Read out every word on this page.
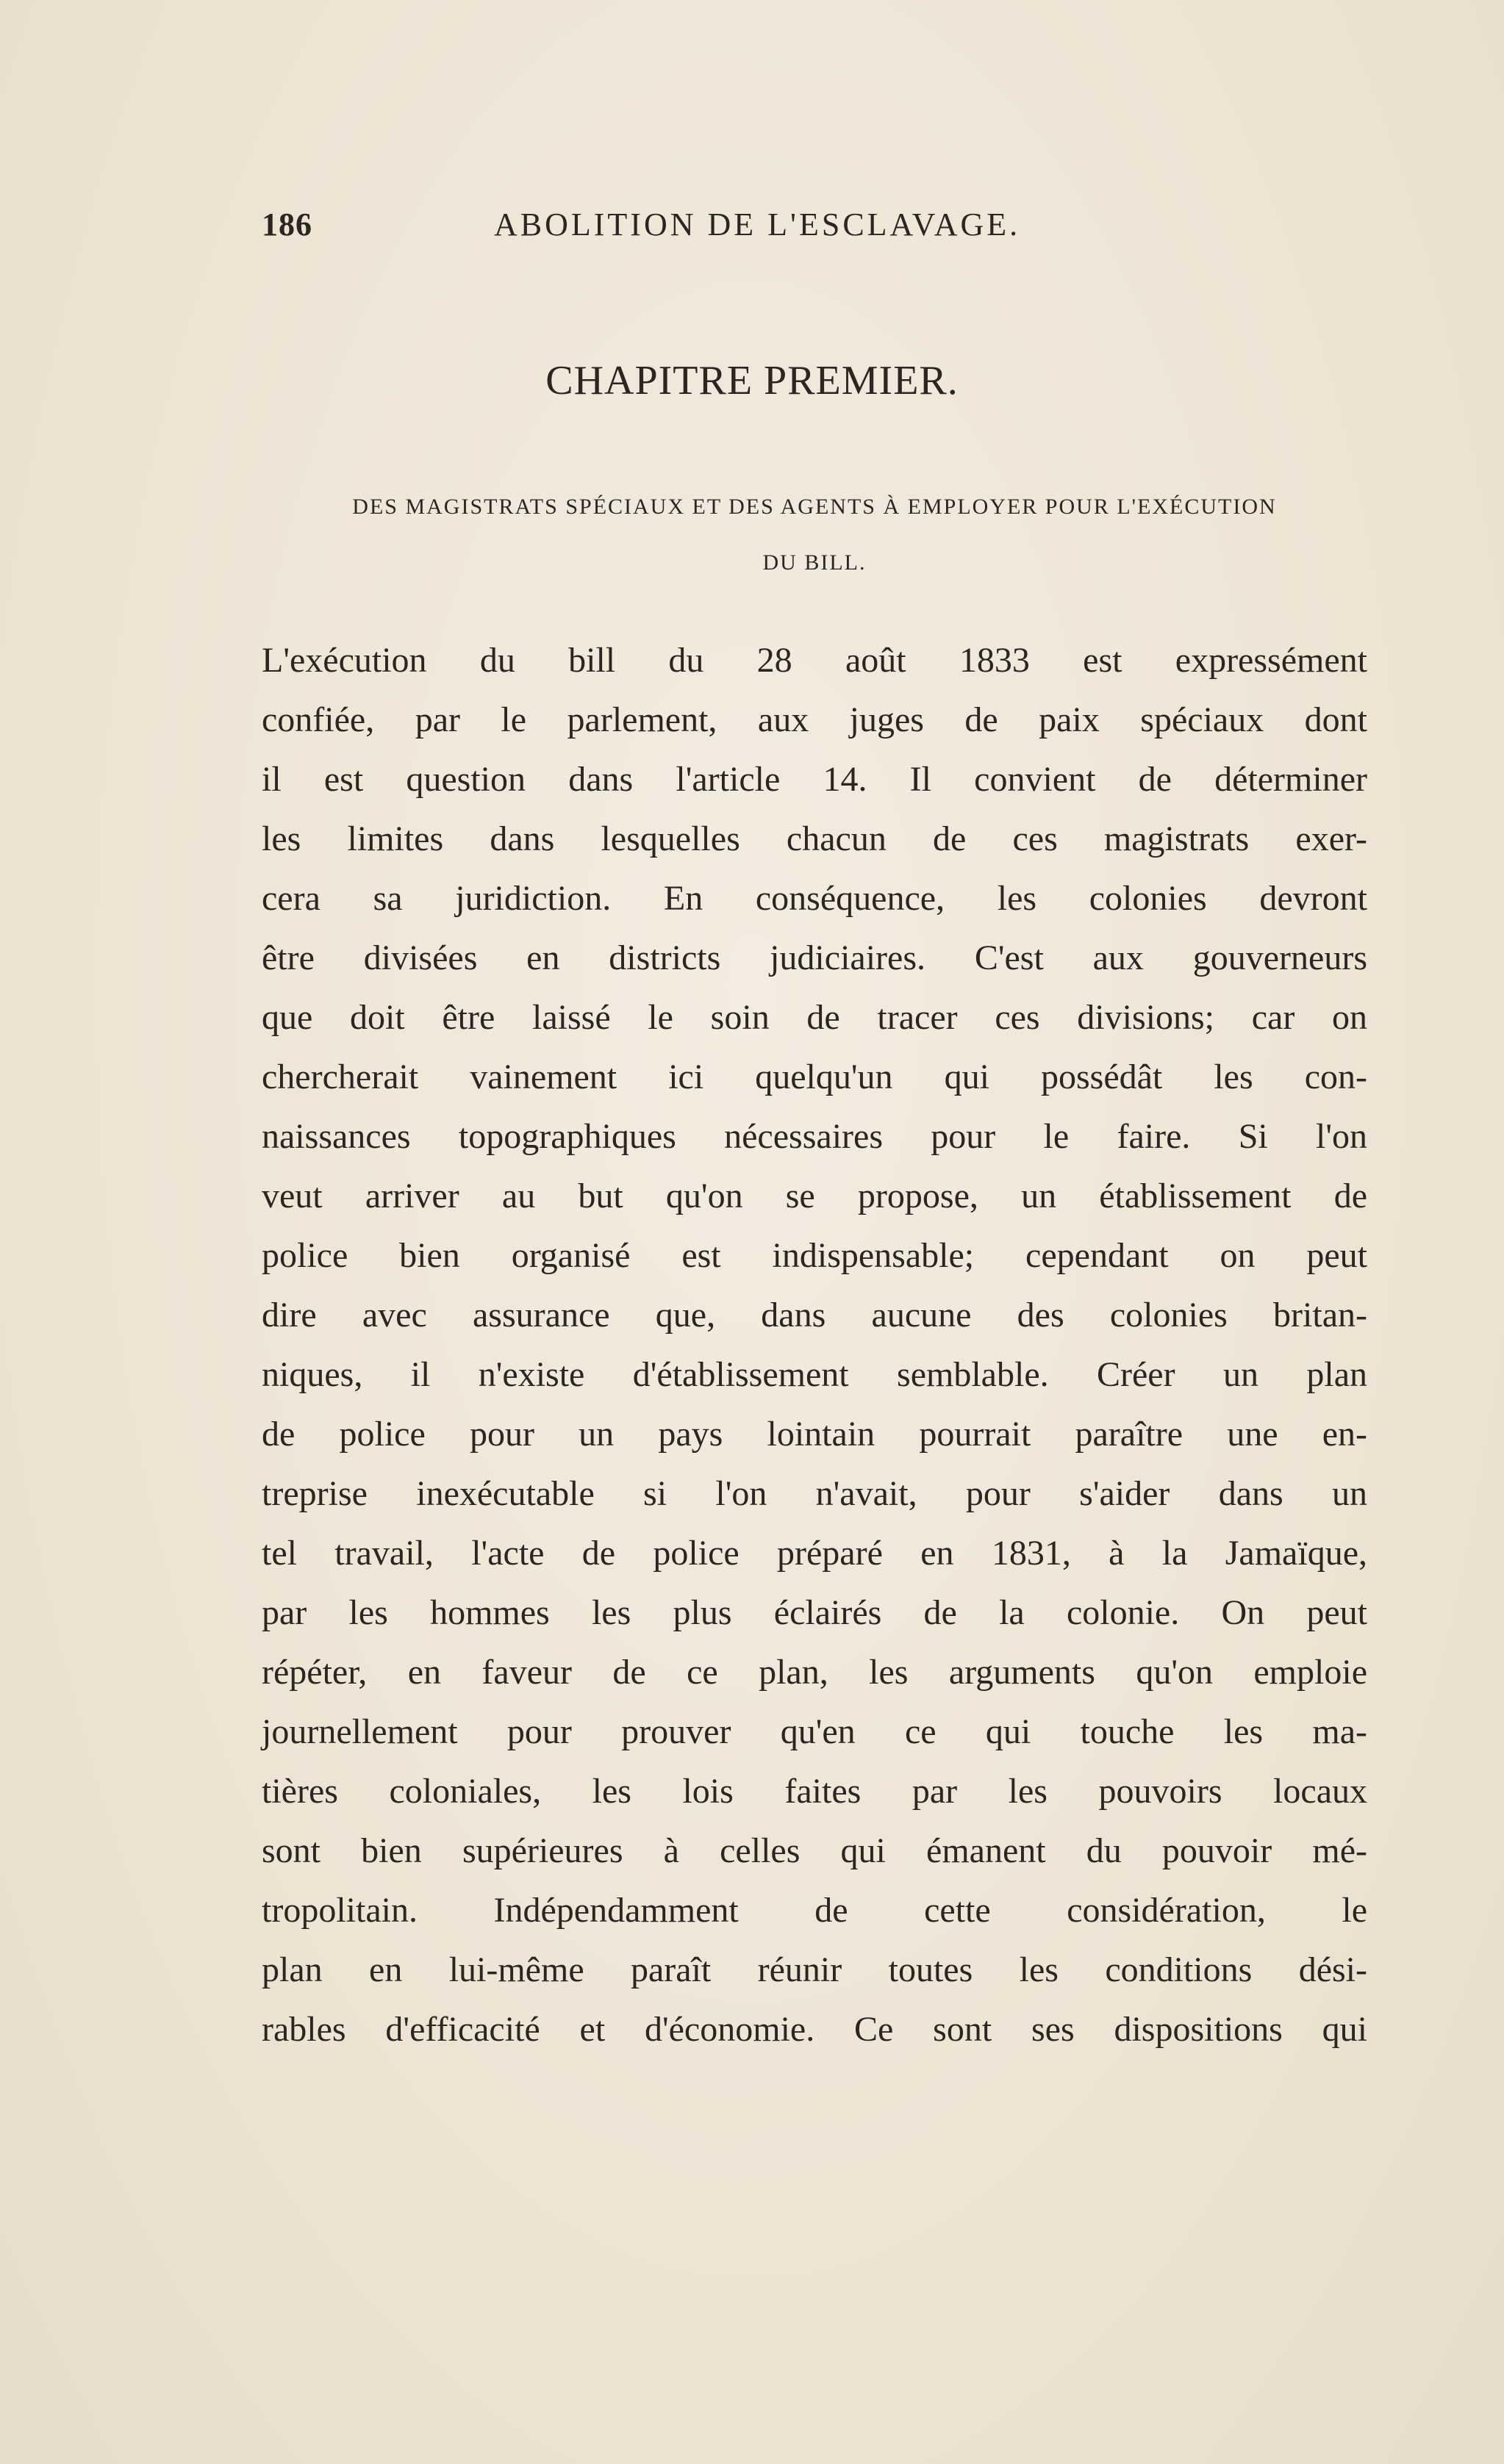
186	ABOLITION DE L'ESCLAVAGE.
CHAPITRE PREMIER.
DES MAGISTRATS SPÉCIAUX ET DES AGENTS À EMPLOYER POUR L'EXÉCUTION
DU BILL.
L'exécution du bill du 28 août 1833 est expressément
confiée, par le parlement, aux juges de paix spéciaux dont
il est question dans l'article 14. Il convient de déterminer
les limites dans lesquelles chacun de ces magistrats exer-
cera sa juridiction. En conséquence, les colonies devront
être divisées en districts judiciaires. C'est aux gouverneurs
que doit être laissé le soin de tracer ces divisions; car on
chercherait vainement ici quelqu'un qui possédât les con-
naissances topographiques nécessaires pour le faire. Si l'on
veut arriver au but qu'on se propose, un établissement de
police bien organisé est indispensable; cependant on peut
dire avec assurance que, dans aucune des colonies britan-
niques, il n'existe d'établissement semblable. Créer un plan
de police pour un pays lointain pourrait paraître une en-
treprise inexécutable si l'on n'avait, pour s'aider dans un
tel travail, l'acte de police préparé en 1831, à la Jamaïque,
par les hommes les plus éclairés de la colonie. On peut
répéter, en faveur de ce plan, les arguments qu'on emploie
journellement pour prouver qu'en ce qui touche les ma-
tières coloniales, les lois faites par les pouvoirs locaux
sont bien supérieures à celles qui émanent du pouvoir mé-
tropolitain. Indépendamment de cette considération, le
plan en lui-même paraît réunir toutes les conditions dési-
rables d'efficacité et d'économie. Ce sont ses dispositions qui
